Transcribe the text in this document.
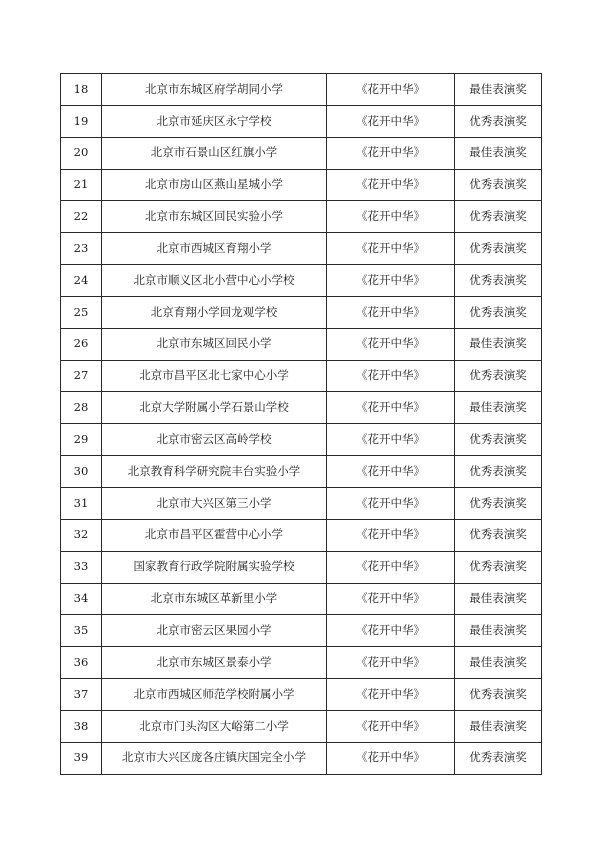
18	北京市东城区府学胡同小学	《花开中华》	最佳表演奖
19	北京市延庆区永宁学校	《花开中华》	优秀表演奖
20	北京市石景山区红旗小学	《花开中华》	最佳表演奖
21	北京市房山区燕山星城小学	《花开中华》	优秀表演奖
22	北京市东城区回民实验小学	《花开中华》	优秀表演奖
23	北京市西城区育翔小学	《花开中华》	优秀表演奖
24	北京市顺义区北小营中心小学校	《花开中华》	优秀表演奖
25	北京育翔小学回龙观学校	《花开中华》	优秀表演奖
26	北京市东城区回民小学	《花开中华》	最佳表演奖
27	北京市昌平区北七家中心小学	《花开中华》	优秀表演奖
28	北京大学附属小学石景山学校	《花开中华》	最佳表演奖
29	北京市密云区高岭学校	《花开中华》	优秀表演奖
30	北京教育科学研究院丰台实验小学	《花开中华》	优秀表演奖
31	北京市大兴区第三小学	《花开中华》	优秀表演奖
32	北京市昌平区霍营中心小学	《花开中华》	优秀表演奖
33	国家教育行政学院附属实验学校	《花开中华》	优秀表演奖
34	北京市东城区革新里小学	《花开中华》	最佳表演奖
35	北京市密云区果园小学	《花开中华》	最佳表演奖
36	北京市东城区景泰小学	《花开中华》	最佳表演奖
37	北京市西城区师范学校附属小学	《花开中华》	优秀表演奖
38	北京市门头沟区大峪第二小学	《花开中华》	最佳表演奖
39	北京市大兴区庞各庄镇庆国完全小学	《花开中华》	优秀表演奖
